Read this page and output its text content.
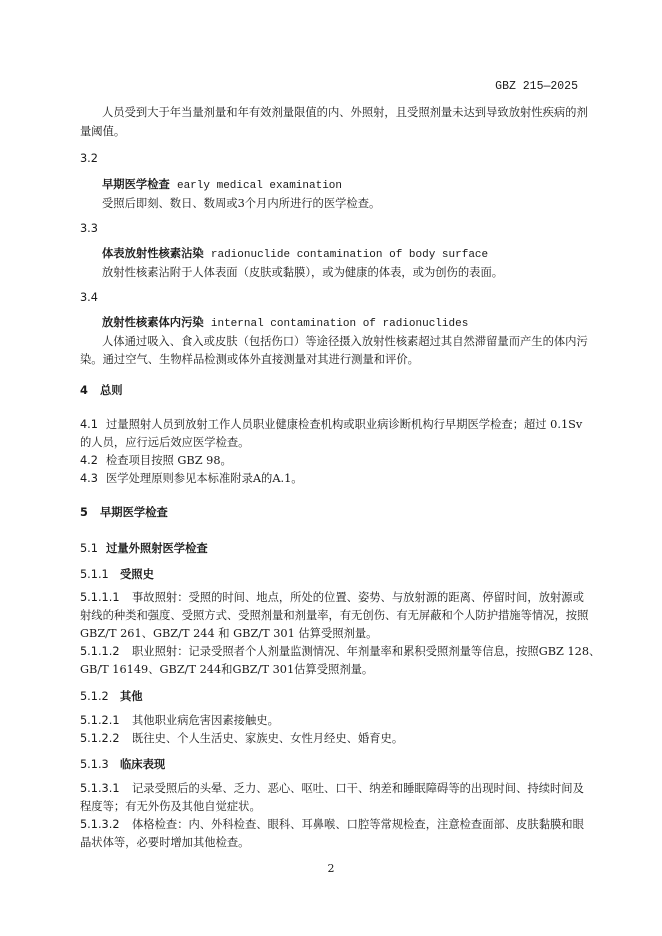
GBZ 215—2025
人员受到大于年当量剂量和年有效剂量限值的内、外照射，且受照剂量未达到导致放射性疾病的剂
量阈值。
3.2
早期医学检查 early medical examination
受照后即刻、数日、数周或3个月内所进行的医学检查。
3.3
体表放射性核素沾染 radionuclide contamination of body surface
放射性核素沾附于人体表面（皮肤或黏膜），或为健康的体表，或为创伤的表面。
3.4
放射性核素体内污染 internal contamination of radionuclides
人体通过吸入、食入或皮肤（包括伤口）等途径摄入放射性核素超过其自然滞留量而产生的体内污
染。通过空气、生物样品检测或体外直接测量对其进行测量和评价。
4 总则
4.1 过量照射人员到放射工作人员职业健康检查机构或职业病诊断机构行早期医学检查；超过 0.1Sv
的人员，应行远后效应医学检查。
4.2 检查项目按照 GBZ 98。
4.3 医学处理原则参见本标准附录A的A.1。
5 早期医学检查
5.1 过量外照射医学检查
5.1.1 受照史
5.1.1.1 事故照射：受照的时间、地点，所处的位置、姿势、与放射源的距离、停留时间，放射源或
射线的种类和强度、受照方式、受照剂量和剂量率，有无创伤、有无屏蔽和个人防护措施等情况，按照
GBZ/T 261、GBZ/T 244 和 GBZ/T 301 估算受照剂量。
5.1.1.2 职业照射：记录受照者个人剂量监测情况、年剂量率和累积受照剂量等信息，按照GBZ 128、
GB/T 16149、GBZ/T 244和GBZ/T 301估算受照剂量。
5.1.2 其他
5.1.2.1 其他职业病危害因素接触史。
5.1.2.2 既往史、个人生活史、家族史、女性月经史、婚育史。
5.1.3 临床表现
5.1.3.1 记录受照后的头晕、乏力、恶心、呕吐、口干、纳差和睡眠障碍等的出现时间、持续时间及
程度等；有无外伤及其他自觉症状。
5.1.3.2 体格检查：内、外科检查、眼科、耳鼻喉、口腔等常规检查，注意检查面部、皮肤黏膜和眼
晶状体等，必要时增加其他检查。
2
